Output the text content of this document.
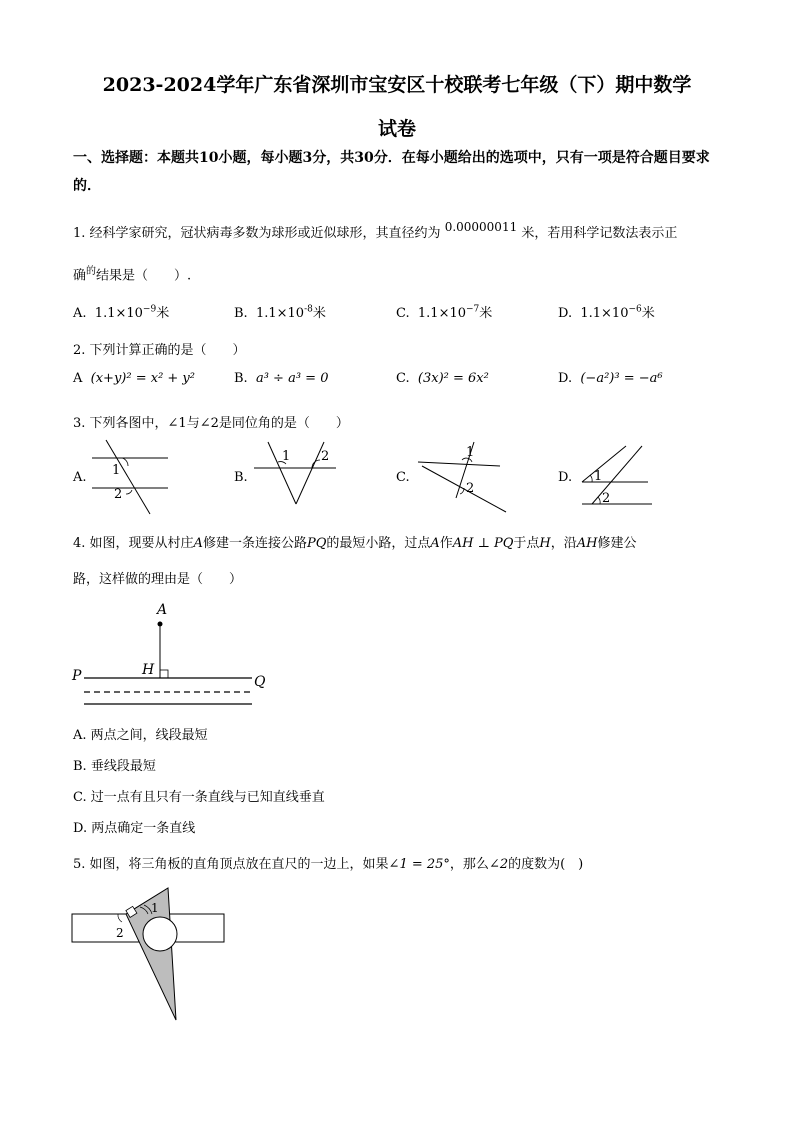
2023-2024学年广东省深圳市宝安区十校联考七年级（下）期中数学
试卷
一、选择题：本题共10小题，每小题3分，共30分．在每小题给出的选项中，只有一项是符合题目要求的．
1. 经科学家研究，冠状病毒多数为球形或近似球形，其直径约为 $^{0.00000011}$ 米，若用科学记数法表示正
确$^的$结果是（　　）.
A. $1.1\times 10^{-9}$米	B. $1.1\times 10^{-8}$米	C. $1.1\times 10^{-7}$米	D. $1.1\times 10^{-6}$米
2. 下列计算正确的是（　　）
A (x+y)² = x² + y²	B. a³ ÷ a³ = 0	C. (3x)² = 6x²	D. (−a²)³ = −a⁶
3. 下列各图中，∠1与∠2是同位角的是（　　）
A. 1
2
B.
1 2
C.
1
2
D. 1
2
4. 如图，现要从村庄A修建一条连接公路PQ的最短小路，过点A作AH ⊥ PQ于点H，沿AH修建公
路，这样做的理由是（　　）
A
H
P	Q
A. 两点之间，线段最短
B. 垂线段最短
C. 过一点有且只有一条直线与已知直线垂直
D. 两点确定一条直线
5. 如图，将三角板的直角顶点放在直尺的一边上，如果∠1 = 25°，那么∠2的度数为(　)
1
2
